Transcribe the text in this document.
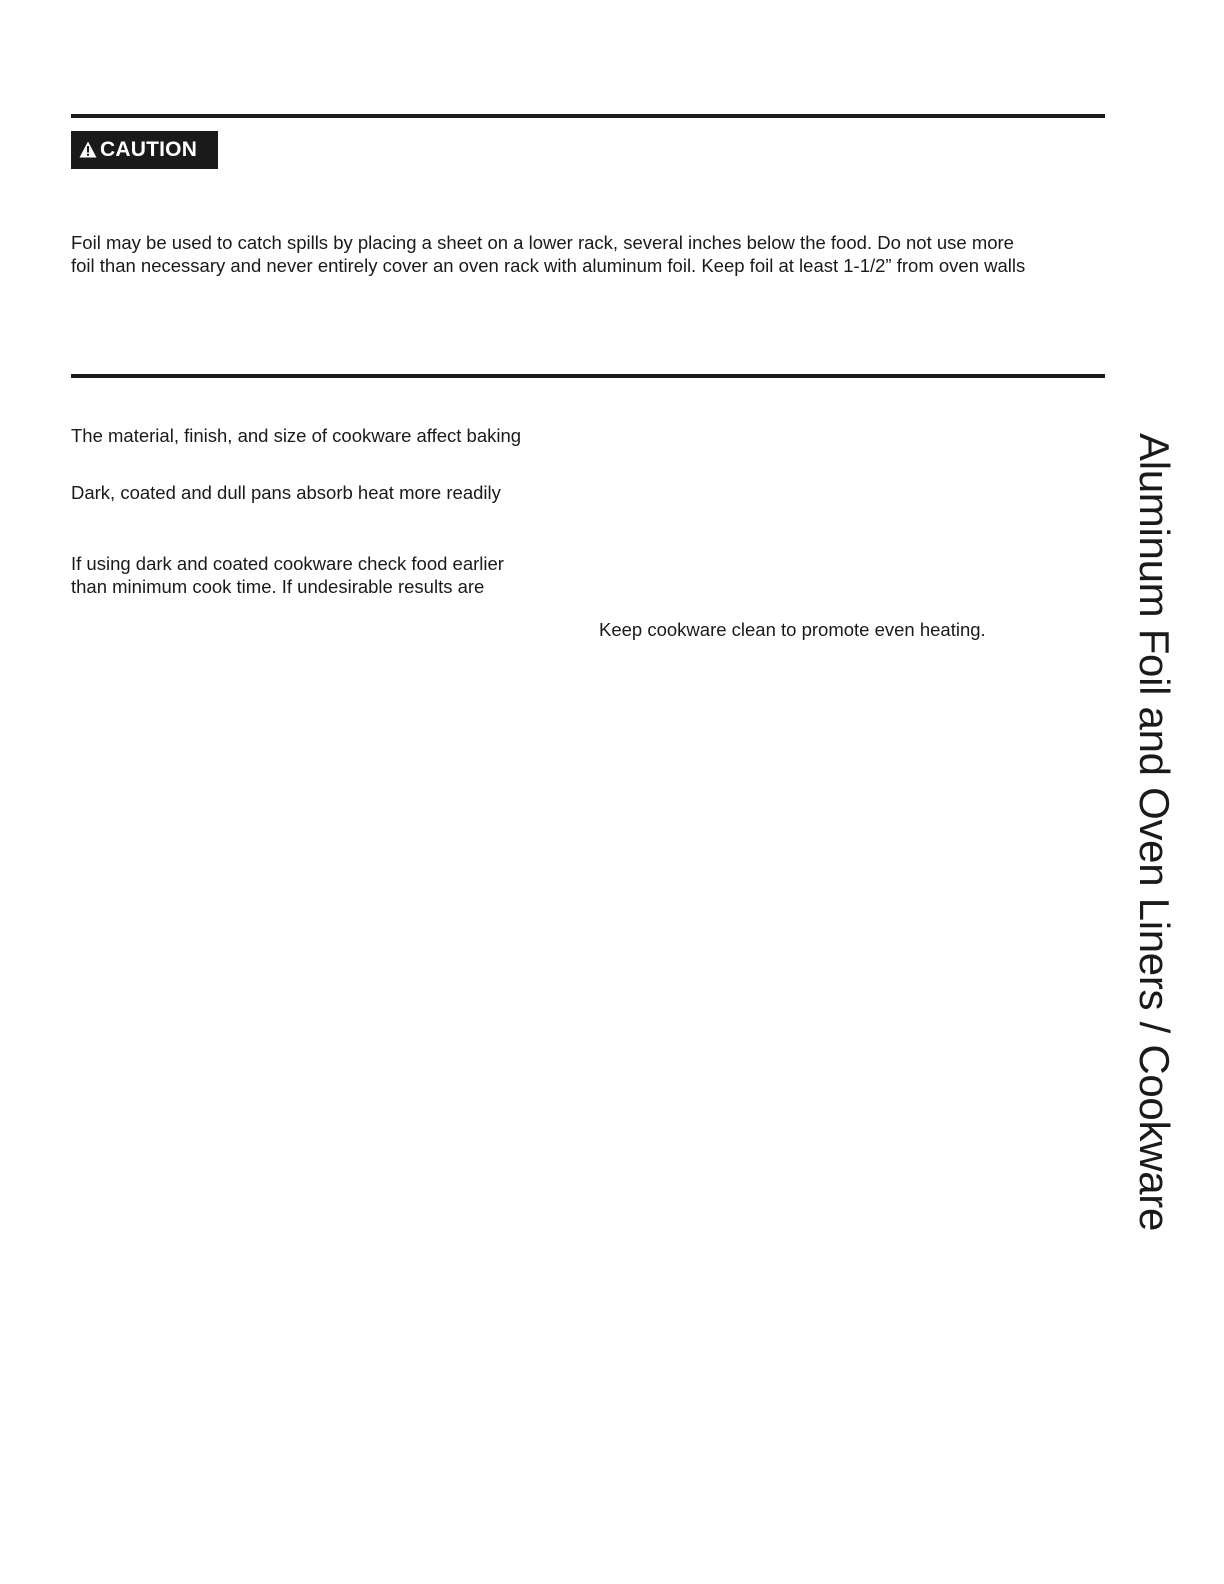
CAUTION

Foil may be used to catch spills by placing a sheet on a lower rack, several inches below the food. Do not use more
foil than necessary and never entirely cover an oven rack with aluminum foil. Keep foil at least 1-1/2” from oven walls

The material, finish, and size of cookware affect baking

Dark, coated and dull pans absorb heat more readily

If using dark and coated cookware check food earlier
than minimum cook time. If undesirable results are

Keep cookware clean to promote even heating.	Aluminum Foil and Oven Liners / Cookware
